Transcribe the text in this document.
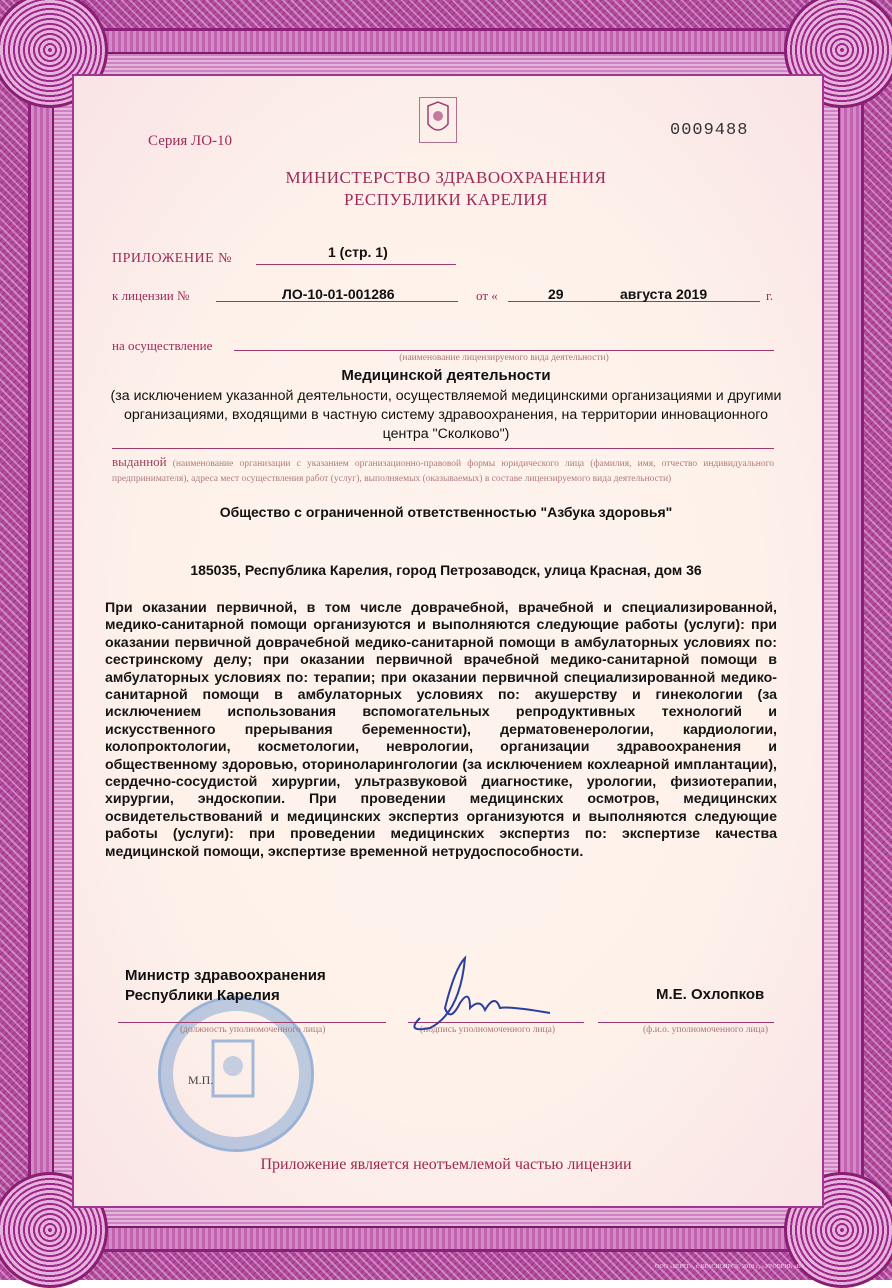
Серия ЛО-10
0009488
МИНИСТЕРСТВО ЗДРАВООХРАНЕНИЯ
РЕСПУБЛИКИ КАРЕЛИЯ
ПРИЛОЖЕНИЕ №	1 (стр. 1)
к лицензии №	ЛО-10-01-001286	от «	29	августа 2019	г.
на осуществление
(наименование лицензируемого вида деятельности)
Медицинской деятельности
(за исключением указанной деятельности, осуществляемой медицинскими организациями и другими организациями, входящими в частную систему здравоохранения, на территории инновационного центра "Сколково")
выданной (наименование организации с указанием организационно-правовой формы юридического лица (фамилия, имя, отчество индивидуального предпринимателя), адреса мест осуществления работ (услуг), выполняемых (оказываемых) в составе лицензируемого вида деятельности)
Общество с ограниченной ответственностью "Азбука здоровья"
185035, Республика Карелия, город Петрозаводск, улица Красная, дом 36
При оказании первичной, в том числе доврачебной, врачебной и специализированной, медико-санитарной помощи организуются и выполняются следующие работы (услуги): при оказании первичной доврачебной медико-санитарной помощи в амбулаторных условиях по: сестринскому делу; при оказании первичной врачебной медико-санитарной помощи в амбулаторных условиях по: терапии; при оказании первичной специализированной медико-санитарной помощи в амбулаторных условиях по: акушерству и гинекологии (за исключением использования вспомогательных репродуктивных технологий и искусственного прерывания беременности), дерматовенерологии, кардиологии, колопроктологии, косметологии, неврологии, организации здравоохранения и общественному здоровью, оториноларингологии (за исключением кохлеарной имплантации), сердечно-сосудистой хирургии, ультразвуковой диагностике, урологии, физиотерапии, хирургии, эндоскопии. При проведении медицинских осмотров, медицинских освидетельствований и медицинских экспертиз организуются и выполняются следующие работы (услуги): при проведении медицинских экспертиз по: экспертизе качества медицинской помощи, экспертизе временной нетрудоспособности.
М.П.
Министр здравоохранения
Республики Карелия	М.Е. Охлопков
(должность уполномоченного лица)	(подпись уполномоченного лица)	(ф.и.о. уполномоченного лица)
Приложение является неотъемлемой частью лицензии
ООО «БЕРЕГ», г. КРАСНОЯРСК, 2018 г., «УРОВЕНЬ «В»
